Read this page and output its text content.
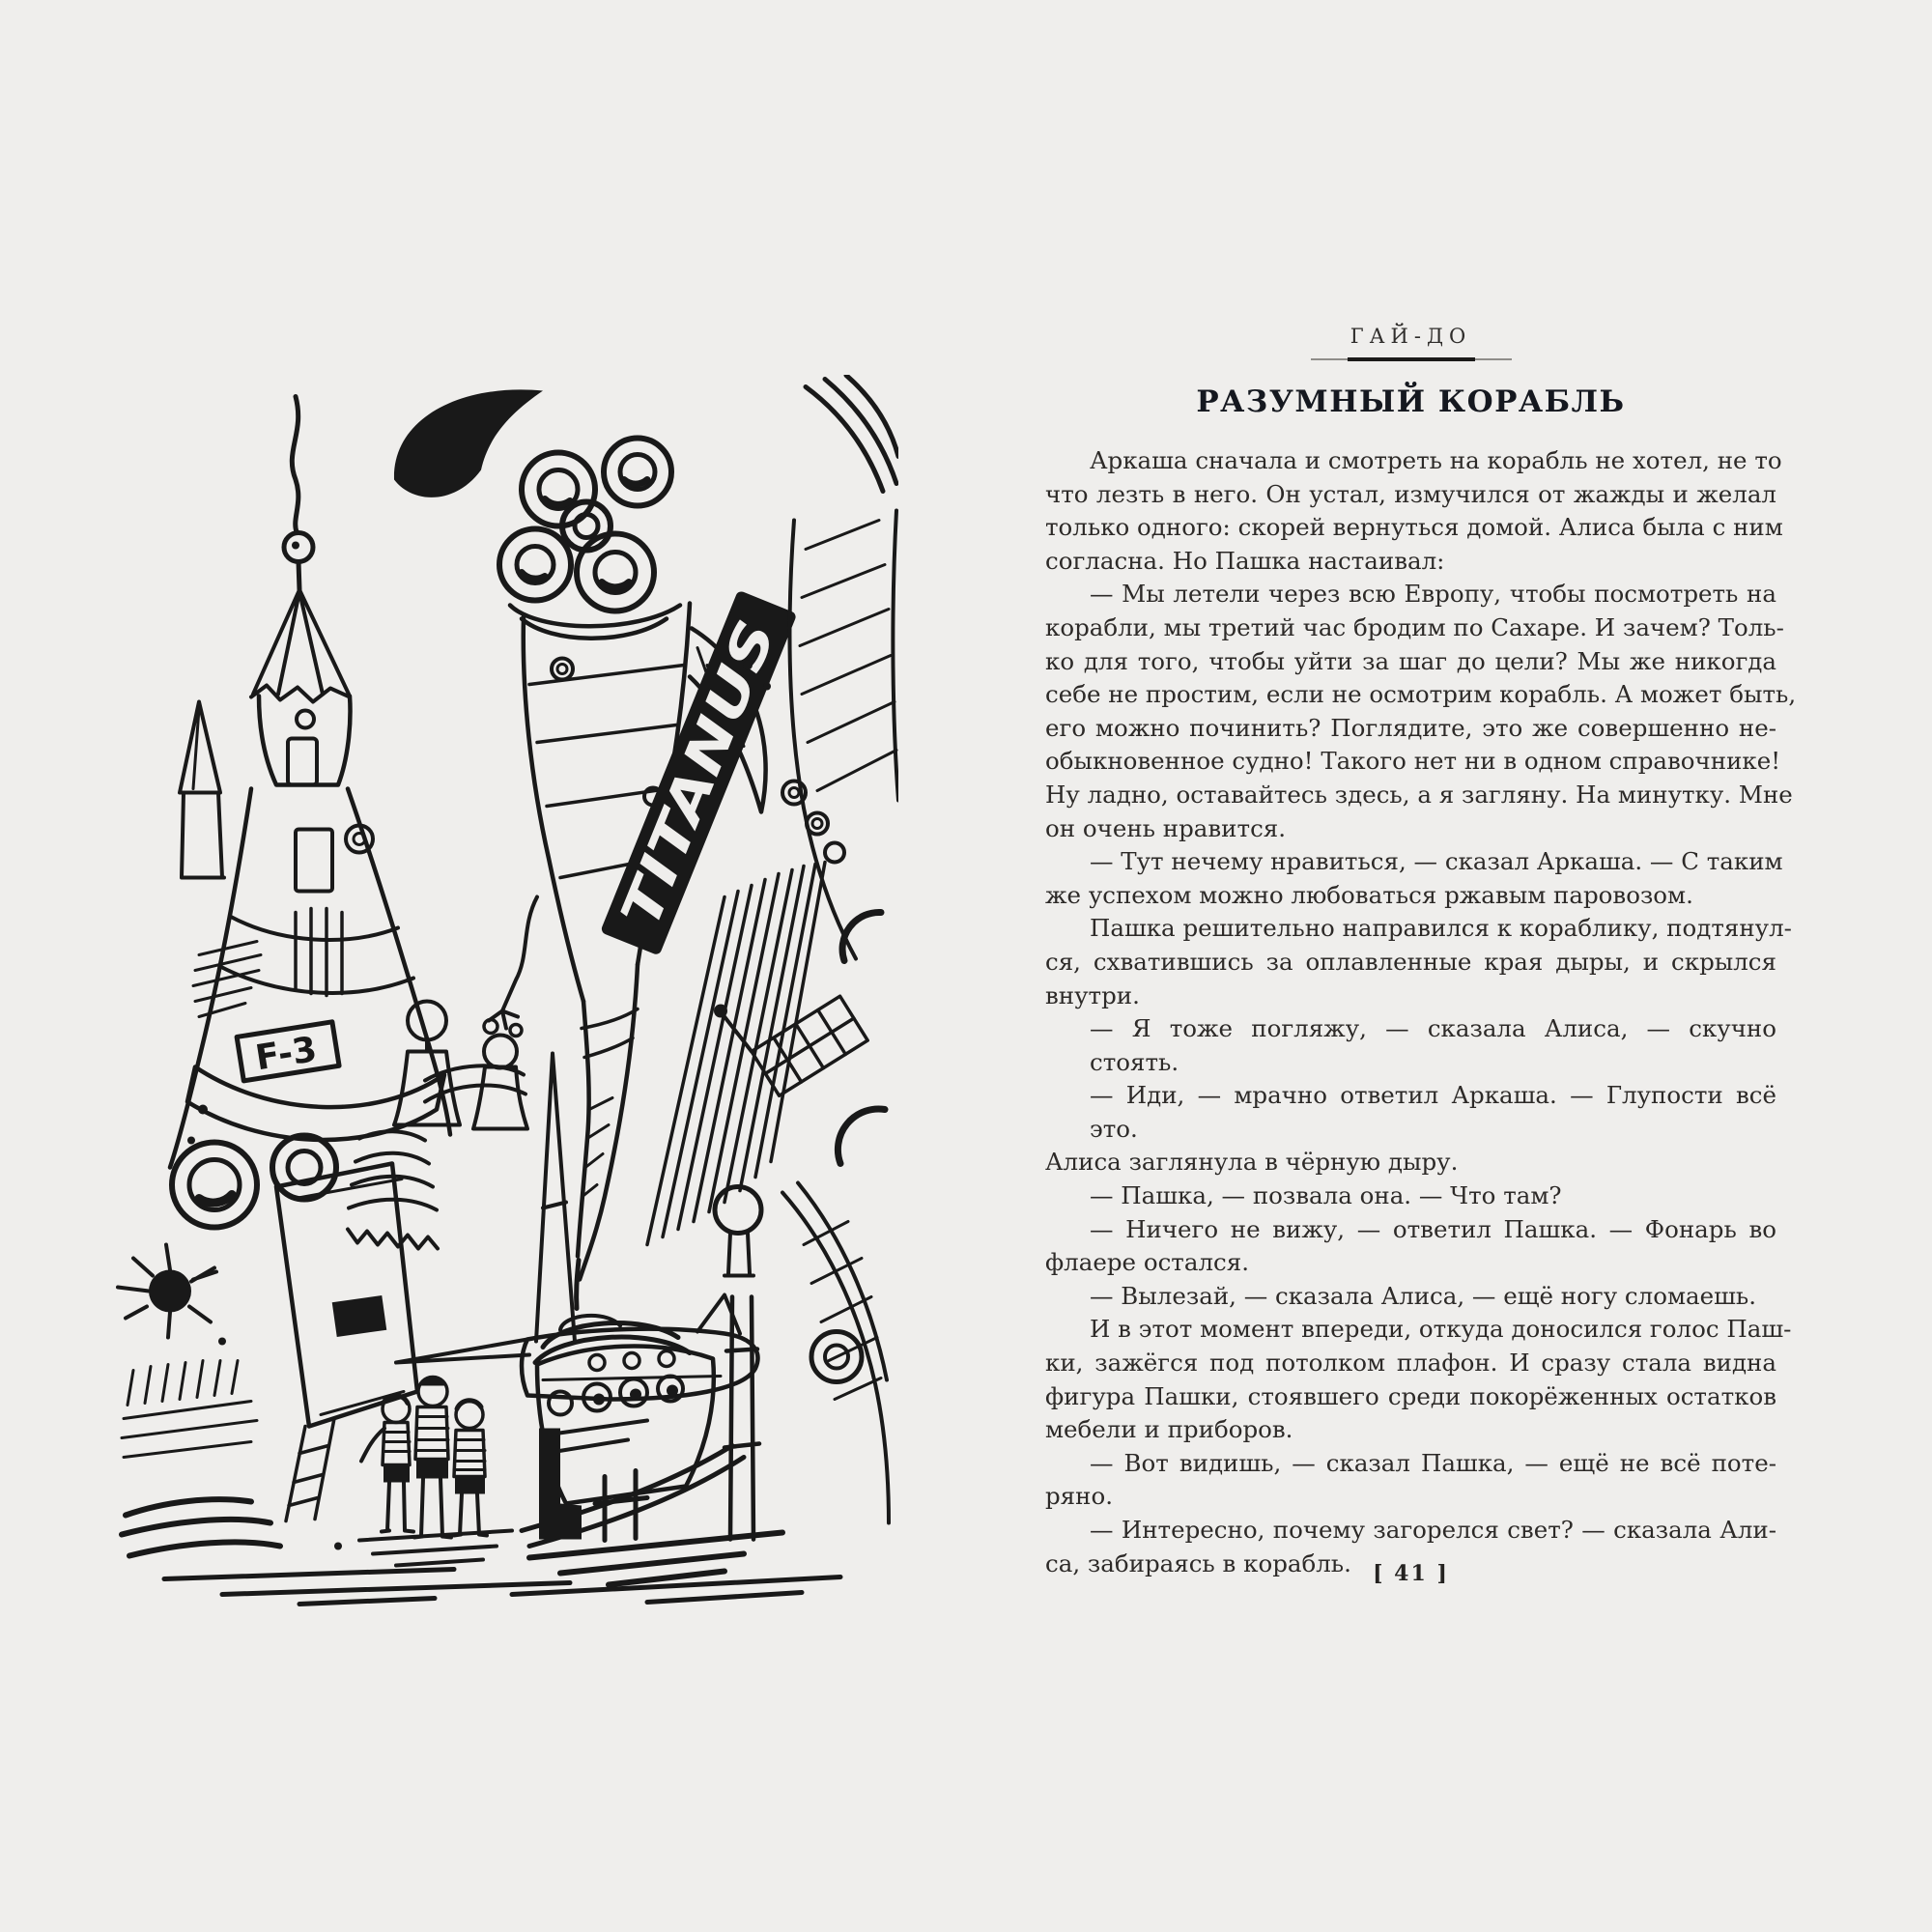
F-3
TITANUS
ГАЙ-ДО
РАЗУМНЫЙ КОРАБЛЬ
Аркаша сначала и смотреть на корабль не хотел, не то
что лезть в него. Он устал, измучился от жажды и желал
только одного: скорей вернуться домой. Алиса была с ним
согласна. Но Пашка настаивал:
— Мы летели через всю Европу, чтобы посмотреть на
корабли, мы третий час бродим по Сахаре. И зачем? Толь-
ко для того, чтобы уйти за шаг до цели? Мы же никогда
себе не простим, если не осмотрим корабль. А может быть,
его можно починить? Поглядите, это же совершенно не-
обыкновенное судно! Такого нет ни в одном справочнике!
Ну ладно, оставайтесь здесь, а я загляну. На минутку. Мне
он очень нравится.
— Тут нечему нравиться, — сказал Аркаша. — С таким
же успехом можно любоваться ржавым паровозом.
Пашка решительно направился к кораблику, подтянул-
ся, схватившись за оплавленные края дыры, и скрылся
внутри.
— Я тоже погляжу, — сказала Алиса, — скучно стоять.
— Иди, — мрачно ответил Аркаша. — Глупости всё это.
Алиса заглянула в чёрную дыру.
— Пашка, — позвала она. — Что там?
— Ничего не вижу, — ответил Пашка. — Фонарь во
флаере остался.
— Вылезай, — сказала Алиса, — ещё ногу сломаешь.
И в этот момент впереди, откуда доносился голос Паш-
ки, зажёгся под потолком плафон. И сразу стала видна
фигура Пашки, стоявшего среди покорёженных остатков
мебели и приборов.
— Вот видишь, — сказал Пашка, — ещё не всё поте-
ряно.
— Интересно, почему загорелся свет? — сказала Али-
са, забираясь в корабль.	[ 41 ]
